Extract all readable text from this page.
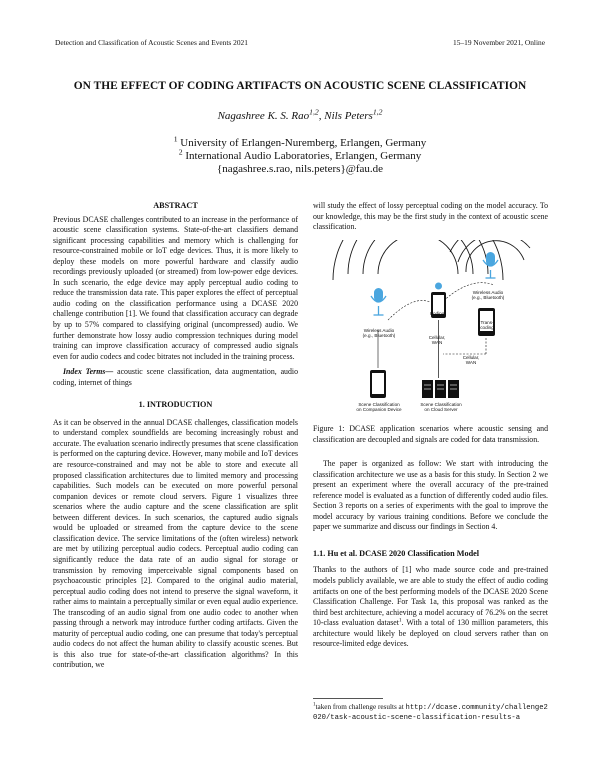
Detection and Classification of Acoustic Scenes and Events 2021	15–19 November 2021, Online
ON THE EFFECT OF CODING ARTIFACTS ON ACOUSTIC SCENE CLASSIFICATION
Nagashree K. S. Rao$^{1,2}$, Nils Peters$^{1,2}$
$^1$ University of Erlangen-Nuremberg, Erlangen, Germany
$^2$ International Audio Laboratories, Erlangen, Germany
{nagashree.s.rao, nils.peters}@fau.de

ABSTRACT

Previous DCASE challenges contributed to an increase in the performance of acoustic scene classification systems. State-of-the-art classifiers demand significant processing capabilities and memory which is challenging for resource-constrained mobile or IoT edge devices. Thus, it is more likely to deploy these models on more powerful hardware and classify audio recordings previously uploaded (or streamed) from low-power edge devices. In such scenario, the edge device may apply perceptual audio coding to reduce the transmission data rate. This paper explores the effect of perceptual audio coding on the classification performance using a DCASE 2020 challenge contribution [1]. We found that classification accuracy can degrade by up to 57% compared to classifying original (uncompressed) audio. We further demonstrate how lossy audio compression techniques during model training can improve classification accuracy of compressed audio signals even for audio codecs and codec bitrates not included in the training process.

Index Terms— acoustic scene classification, data augmentation, audio coding, internet of things

1. INTRODUCTION

As it can be observed in the annual DCASE challenges, classification models to understand complex soundfields are becoming increasingly robust and accurate. The evaluation scenario indirectly presumes that scene classification is performed on the capturing device. However, many mobile and IoT devices are resource-constrained and may not be able to store and execute all proposed classification architectures due to limited memory and processing capabilities. Such models can be executed on more powerful personal companion devices or remote cloud servers. Figure 1 visualizes three scenarios where the audio capture and the scene classification are split between different devices. In such scenarios, the captured audio signals would be uploaded or streamed from the capture device to the scene classification device. The service limitations of the (often wireless) network are met by utilizing perceptual audio codecs. Perceptual audio coding can significantly reduce the data rate of an audio signal for storage or transmission by removing imperceivable signal components based on psychoacoustic principles [2]. Compared to the original audio material, perceptual audio coding does not intend to preserve the signal waveform, it rather aims to maintain a perceptually similar or even equal audio experience. The transcoding of an audio signal from one audio codec to another when passing through a network may introduce further coding artifacts. Given the maturity of perceptual audio coding, one can presume that today's perceptual audio codecs do not affect the human ability to classify acoustic scenes. But is this also true for state-of-the-art classification algorithms? In this contribution, we

will study the effect of lossy perceptual coding on the model accuracy. To our knowledge, this may be the first study in the context of acoustic scene classification.

Wireless Audio
(e.g., Bluetooth)
Coding
Trans-
coding
Wireless Audio
(e.g., Bluetooth)	Cellular,
WAN
Cellular,
WAN
Scene Classification
on Companion Device
Scene Classification
on Cloud Server

Figure 1: DCASE application scenarios where acoustic sensing and classification are decoupled and signals are coded for data transmission.

The paper is organized as follow: We start with introducing the classification architecture we use as a basis for this study. In Section 2 we present an experiment where the overall accuracy of the pre-trained reference model is evaluated as a function of differently coded audio files. Section 3 reports on a series of experiments with the goal to improve the model accuracy by various training conditions. Before we conclude the paper we summarize and discuss our findings in Section 4.

1.1. Hu et al. DCASE 2020 Classification Model

Thanks to the authors of [1] who made source code and pre-trained models publicly available, we are able to study the effect of audio coding artifacts on one of the best performing models of the DCASE 2020 Scene Classification Challenge. For Task 1a, this proposal was ranked as the third best architecture, achieving a model accuracy of 76.2% on the secret 10-class evaluation dataset$^1$. With a total of 130 million parameters, this architecture would likely be deployed on cloud servers rather than on resource-limited edge devices.

$^1$taken from challenge results at http://dcase.community/challenge2020/task-acoustic-scene-classification-results-a
